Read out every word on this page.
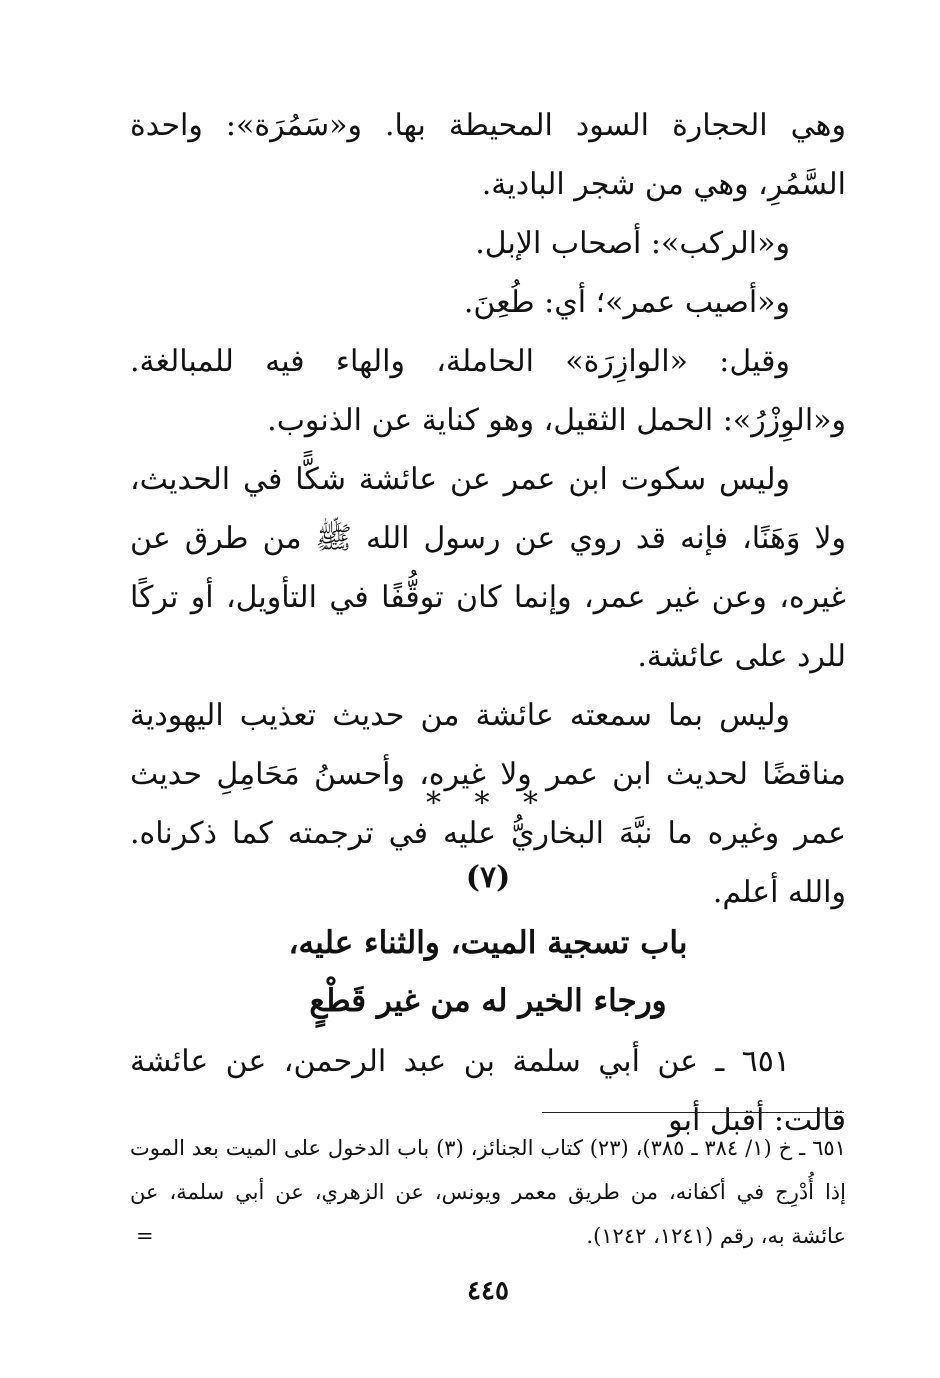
وهي الحجارة السود المحيطة بها. و«سَمُرَة»: واحدة السَّمُرِ، وهي من شجر البادية.

و«الركب»: أصحاب الإبل.

و«أصيب عمر»؛ أي: طُعِنَ.

وقيل: «الوازِرَة» الحاملة، والهاء فيه للمبالغة. و«الوِزْرُ»: الحمل الثقيل، وهو كناية عن الذنوب.

وليس سكوت ابن عمر عن عائشة شكًّا في الحديث، ولا وَهَنًا، فإنه قد روي عن رسول الله ﷺ من طرق عن غيره، وعن غير عمر، وإنما كان توقُّفًا في التأويل، أو تركًا للرد على عائشة.

وليس بما سمعته عائشة من حديث تعذيب اليهودية مناقضًا لحديث ابن عمر ولا غيره، وأحسنُ مَحَامِلِ حديث عمر وغيره ما نبَّهَ البخاريُّ عليه في ترجمته كما ذكرناه. والله أعلم.

* * *
(٧)
باب تسجية الميت، والثناء عليه،
ورجاء الخير له من غير قَطْعٍ
٦٥١ ـ عن أبي سلمة بن عبد الرحمن، عن عائشة قالت: أقبل أبو
٦٥١ ـ خ (١/ ٣٨٤ ـ ٣٨٥)، (٢٣) كتاب الجنائز، (٣) باب الدخول على الميت بعد الموت إذا أُدْرِج في أكفانه، من طريق معمر ويونس، عن الزهري، عن أبي سلمة، عن عائشة به، رقم (١٢٤١، ١٢٤٢).
=
٤٤٥
